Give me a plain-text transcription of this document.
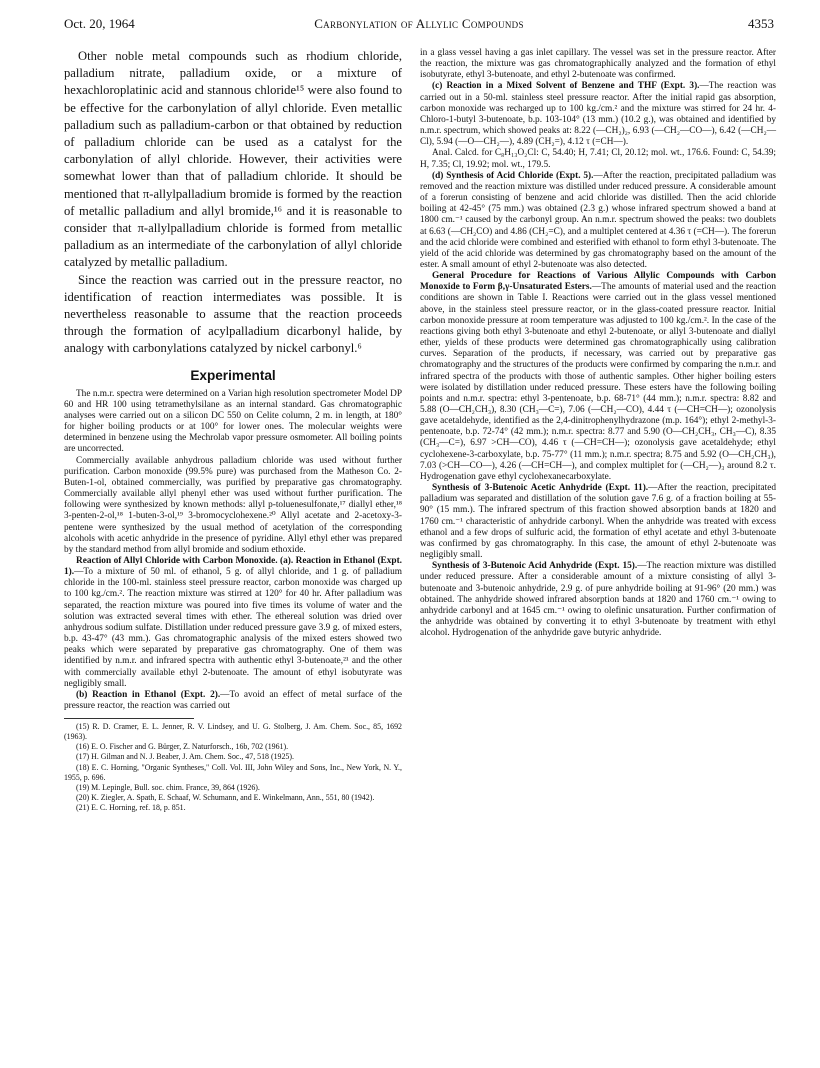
Oct. 20, 1964	Carbonylation of Allylic Compounds	4353

Other noble metal compounds such as rhodium chloride, palladium nitrate, palladium oxide, or a mixture of hexachloroplatinic acid and stannous chloride¹⁵ were also found to be effective for the carbonylation of allyl chloride. Even metallic palladium such as palladium-carbon or that obtained by reduction of palladium chloride can be used as a catalyst for the carbonylation of allyl chloride. However, their activities were somewhat lower than that of palladium chloride. It should be mentioned that π-allylpalladium bromide is formed by the reaction of metallic palladium and allyl bromide,¹⁶ and it is reasonable to consider that π-allylpalladium chloride is formed from metallic palladium as an intermediate of the carbonylation of allyl chloride catalyzed by metallic palladium.

Since the reaction was carried out in the pressure reactor, no identification of reaction intermediates was possible. It is nevertheless reasonable to assume that the reaction proceeds through the formation of acylpalladium dicarbonyl halide, by analogy with carbonylations catalyzed by nickel carbonyl.⁶

Experimental

The n.m.r. spectra were determined on a Varian high resolution spectrometer Model DP 60 and HR 100 using tetramethylsilane as an internal standard. Gas chromatographic analyses were carried out on a silicon DC 550 on Celite column, 2 m. in length, at 180° for higher boiling products or at 100° for lower ones. The molecular weights were determined in benzene using the Mechrolab vapor pressure osmometer. All boiling points are uncorrected.

Commercially available anhydrous palladium chloride was used without further purification. Carbon monoxide (99.5% pure) was purchased from the Matheson Co. 2-Buten-1-ol, obtained commercially, was purified by preparative gas chromatography. Commercially available allyl phenyl ether was used without further purification. The following were synthesized by known methods: allyl p-toluenesulfonate,¹⁷ diallyl ether,¹⁸ 3-penten-2-ol,¹⁸ 1-buten-3-ol,¹⁹ 3-bromocyclohexene.²⁰ Allyl acetate and 2-acetoxy-3-pentene were synthesized by the usual method of acetylation of the corresponding alcohols with acetic anhydride in the presence of pyridine. Allyl ethyl ether was prepared by the standard method from allyl bromide and sodium ethoxide.

Reaction of Allyl Chloride with Carbon Monoxide. (a). Reaction in Ethanol (Expt. 1).—To a mixture of 50 ml. of ethanol, 5 g. of allyl chloride, and 1 g. of palladium chloride in the 100-ml. stainless steel pressure reactor, carbon monoxide was charged up to 100 kg./cm.². The reaction mixture was stirred at 120° for 40 hr. After palladium was separated, the reaction mixture was poured into five times its volume of water and the solution was extracted several times with ether. The ethereal solution was dried over anhydrous sodium sulfate. Distillation under reduced pressure gave 3.9 g. of mixed esters, b.p. 43-47° (43 mm.). Gas chromatographic analysis of the mixed esters showed two peaks which were separated by preparative gas chromatography. One of them was identified by n.m.r. and infrared spectra with authentic ethyl 3-butenoate,²¹ and the other with commercially available ethyl 2-butenoate. The amount of ethyl isobutyrate was negligibly small.

(b) Reaction in Ethanol (Expt. 2).—To avoid an effect of metal surface of the pressure reactor, the reaction was carried out

(15) R. D. Cramer, E. L. Jenner, R. V. Lindsey, and U. G. Stolberg, J. Am. Chem. Soc., 85, 1692 (1963).

(16) E. O. Fischer and G. Bürger, Z. Naturforsch., 16b, 702 (1961).

(17) H. Gilman and N. J. Beaber, J. Am. Chem. Soc., 47, 518 (1925).

(18) E. C. Horning, "Organic Syntheses," Coll. Vol. III, John Wiley and Sons, Inc., New York, N. Y., 1955, p. 696.

(19) M. Lepingle, Bull. soc. chim. France, 39, 864 (1926).

(20) K. Ziegler, A. Spath, E. Schaaf, W. Schumann, and E. Winkelmann, Ann., 551, 80 (1942).

(21) E. C. Horning, ref. 18, p. 851.

in a glass vessel having a gas inlet capillary. The vessel was set in the pressure reactor. After the reaction, the mixture was gas chromatographically analyzed and the formation of ethyl isobutyrate, ethyl 3-butenoate, and ethyl 2-butenoate was confirmed.

(c) Reaction in a Mixed Solvent of Benzene and THF (Expt. 3).—The reaction was carried out in a 50-ml. stainless steel pressure reactor. After the initial rapid gas absorption, carbon monoxide was recharged up to 100 kg./cm.² and the mixture was stirred for 24 hr. 4-Chloro-1-butyl 3-butenoate, b.p. 103-104° (13 mm.) (10.2 g.), was obtained and identified by n.m.r. spectrum, which showed peaks at: 8.22 (—CH₂)₂, 6.93 (—CH₂—CO—), 6.42 (—CH₂—Cl), 5.94 (—O—CH₂—), 4.89 (CH₂=), 4.12 τ (=CH—).

Anal. Calcd. for C₈H₁₃O₂Cl: C, 54.40; H, 7.41; Cl, 20.12; mol. wt., 176.6. Found: C, 54.39; H, 7.35; Cl, 19.92; mol. wt., 179.5.

(d) Synthesis of Acid Chloride (Expt. 5).—After the reaction, precipitated palladium was removed and the reaction mixture was distilled under reduced pressure. A considerable amount of a forerun consisting of benzene and acid chloride was distilled. Then the acid chloride boiling at 42-45° (75 mm.) was obtained (2.3 g.) whose infrared spectrum showed a band at 1800 cm.⁻¹ caused by the carbonyl group. An n.m.r. spectrum showed the peaks: two doublets at 6.63 (—CH₂CO) and 4.86 (CH₂=C), and a multiplet centered at 4.36 τ (=CH—). The forerun and the acid chloride were combined and esterified with ethanol to form ethyl 3-butenoate. The yield of the acid chloride was determined by gas chromatography based on the amount of the ester. A small amount of ethyl 2-butenoate was also detected.

General Procedure for Reactions of Various Allylic Compounds with Carbon Monoxide to Form β,γ-Unsaturated Esters.—The amounts of material used and the reaction conditions are shown in Table I. Reactions were carried out in the glass vessel mentioned above, in the stainless steel pressure reactor, or in the glass-coated pressure reactor. Initial carbon monoxide pressure at room temperature was adjusted to 100 kg./cm.². In the case of the reactions giving both ethyl 3-butenoate and ethyl 2-butenoate, or allyl 3-butenoate and diallyl ether, yields of these products were determined gas chromatographically using calibration curves. Separation of the products, if necessary, was carried out by preparative gas chromatography and the structures of the products were confirmed by comparing the n.m.r. and infrared spectra of the products with those of authentic samples. Other higher boiling esters were isolated by distillation under reduced pressure. These esters have the following boiling points and n.m.r. spectra: ethyl 3-pentenoate, b.p. 68-71° (44 mm.); n.m.r. spectra: 8.82 and 5.88 (O—CH₂CH₃), 8.30 (CH₃—C=), 7.06 (—CH₂—CO), 4.44 τ (—CH=CH—); ozonolysis gave acetaldehyde, identified as the 2,4-dinitrophenylhydrazone (m.p. 164°); ethyl 2-methyl-3-pentenoate, b.p. 72-74° (42 mm.); n.m.r. spectra: 8.77 and 5.90 (O—CH₂CH₃, CH₃—C), 8.35 (CH₃—C=), 6.97 >CH—CO), 4.46 τ (—CH=CH—); ozonolysis gave acetaldehyde; ethyl cyclohexene-3-carboxylate, b.p. 75-77° (11 mm.); n.m.r. spectra; 8.75 and 5.92 (O—CH₂CH₃), 7.03 (>CH—CO—), 4.26 (—CH=CH—), and complex multiplet for (—CH₂—)₃ around 8.2 τ. Hydrogenation gave ethyl cyclohexanecarboxylate.

Synthesis of 3-Butenoic Acetic Anhydride (Expt. 11).—After the reaction, precipitated palladium was separated and distillation of the solution gave 7.6 g. of a fraction boiling at 55-90° (15 mm.). The infrared spectrum of this fraction showed absorption bands at 1820 and 1760 cm.⁻¹ characteristic of anhydride carbonyl. When the anhydride was treated with excess ethanol and a few drops of sulfuric acid, the formation of ethyl acetate and ethyl 3-butenoate was confirmed by gas chromatography. In this case, the amount of ethyl 2-butenoate was negligibly small.

Synthesis of 3-Butenoic Acid Anhydride (Expt. 15).—The reaction mixture was distilled under reduced pressure. After a considerable amount of a mixture consisting of allyl 3-butenoate and 3-butenoic anhydride, 2.9 g. of pure anhydride boiling at 91-96° (20 mm.) was obtained. The anhydride showed infrared absorption bands at 1820 and 1760 cm.⁻¹ owing to anhydride carbonyl and at 1645 cm.⁻¹ owing to olefinic unsaturation. Further confirmation of the anhydride was obtained by converting it to ethyl 3-butenoate by treatment with ethyl alcohol. Hydrogenation of the anhydride gave butyric anhydride.
